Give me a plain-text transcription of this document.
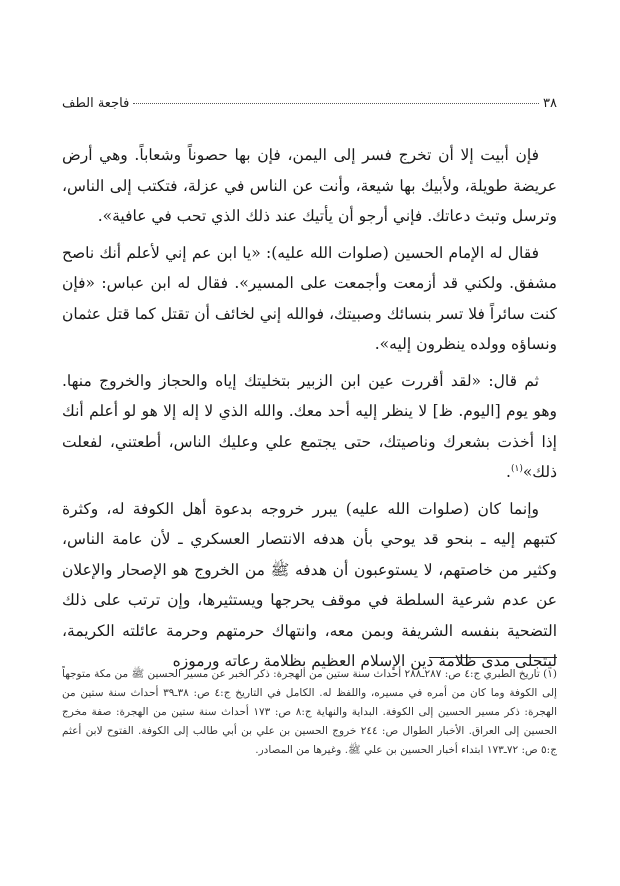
٣٨
فاجعة الطف

فإن أبيت إلا أن تخرج فسر إلى اليمن، فإن بها حصوناً وشعاباً. وهي أرض عريضة طويلة، ولأبيك بها شيعة، وأنت عن الناس في عزلة، فتكتب إلى الناس، وترسل وتبث دعاتك. فإني أرجو أن يأتيك عند ذلك الذي تحب في عافية».

فقال له الإمام الحسين (صلوات الله عليه): «يا ابن عم إني لأعلم أنك ناصح مشفق. ولكني قد أزمعت وأجمعت على المسير». فقال له ابن عباس: «فإن كنت سائراً فلا تسر بنسائك وصبيتك، فوالله إني لخائف أن تقتل كما قتل عثمان ونساؤه وولده ينظرون إليه».

ثم قال: «لقد أقررت عين ابن الزبير بتخليتك إياه والحجاز والخروج منها. وهو يوم [اليوم. ظ] لا ينظر إليه أحد معك. والله الذي لا إله إلا هو لو أعلم أنك إذا أخذت بشعرك وناصيتك، حتى يجتمع علي وعليك الناس، أطعتني، لفعلت ذلك»$^{(١)}$.

وإنما كان (صلوات الله عليه) يبرر خروجه بدعوة أهل الكوفة له، وكثرة كتبهم إليه ـ بنحو قد يوحي بأن هدفه الانتصار العسكري ـ لأن عامة الناس، وكثير من خاصتهم، لا يستوعبون أن هدفه ﷺ من الخروج هو الإصحار والإعلان عن عدم شرعية السلطة في موقف يحرجها ويستثيرها، وإن ترتب على ذلك التضحية بنفسه الشريفة وبمن معه، وانتهاك حرمتهم وحرمة عائلته الكريمة، ليتجلى مدى ظلامة دين الإسلام العظيم بظلامة رعاته ورموزه

(١) تاريخ الطبري ج:٤ ص: ٢٨٧ـ٢٨٨ أحداث سنة ستين من الهجرة: ذكر الخبر عن مسير الحسين ﷺ من مكة متوجهاً إلى الكوفة وما كان من أمره في مسيره، واللفظ له. الكامل في التاريخ ج:٤ ص: ٣٨ـ٣٩ أحداث سنة ستين من الهجرة: ذكر مسير الحسين إلى الكوفة. البداية والنهاية ج:٨ ص: ١٧٣ أحداث سنة ستين من الهجرة: صفة مخرج الحسين إلى العراق. الأخبار الطوال ص: ٢٤٤ خروج الحسين بن علي بن أبي طالب إلى الكوفة. الفتوح لابن أعثم ج:٥ ص: ٧٢ـ١٧٣ ابتداء أخبار الحسين بن علي ﷺ. وغيرها من المصادر.
